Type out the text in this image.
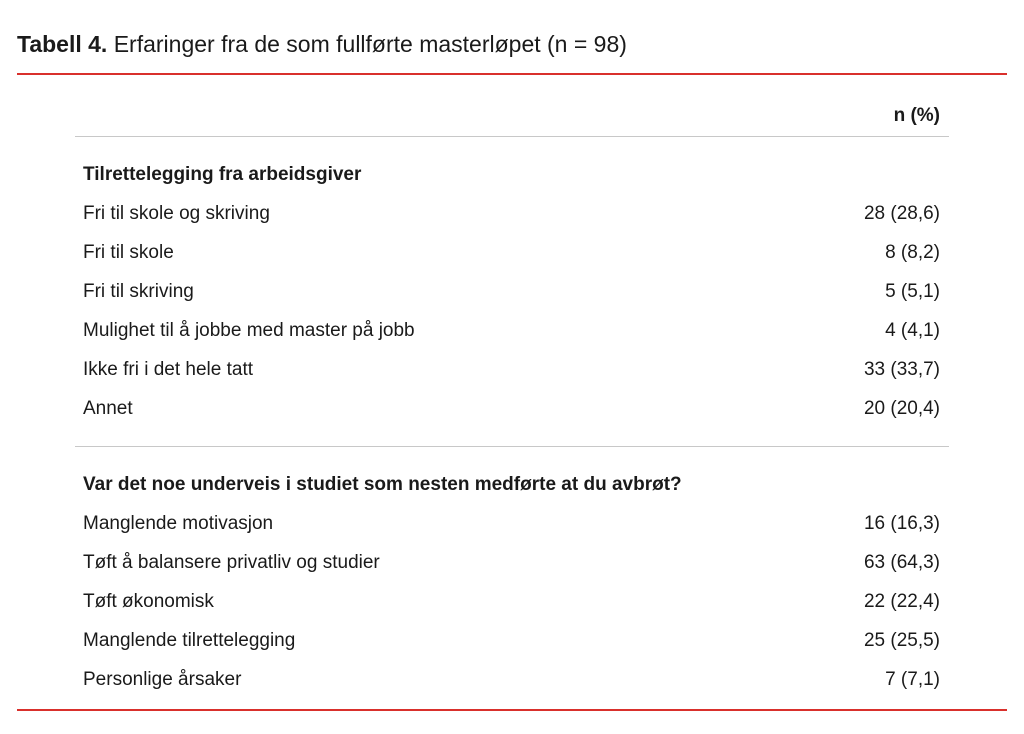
Tabell 4. Erfaringer fra de som fullførte masterløpet (n = 98)
n (%)
Tilrettelegging fra arbeidsgiver
Fri til skole og skriving	28 (28,6)
Fri til skole	8 (8,2)
Fri til skriving	5 (5,1)
Mulighet til å jobbe med master på jobb	4 (4,1)
Ikke fri i det hele tatt	33 (33,7)
Annet	20 (20,4)
Var det noe underveis i studiet som nesten medførte at du avbrøt?
Manglende motivasjon	16 (16,3)
Tøft å balansere privatliv og studier	63 (64,3)
Tøft økonomisk	22 (22,4)
Manglende tilrettelegging	25 (25,5)
Personlige årsaker	7 (7,1)
